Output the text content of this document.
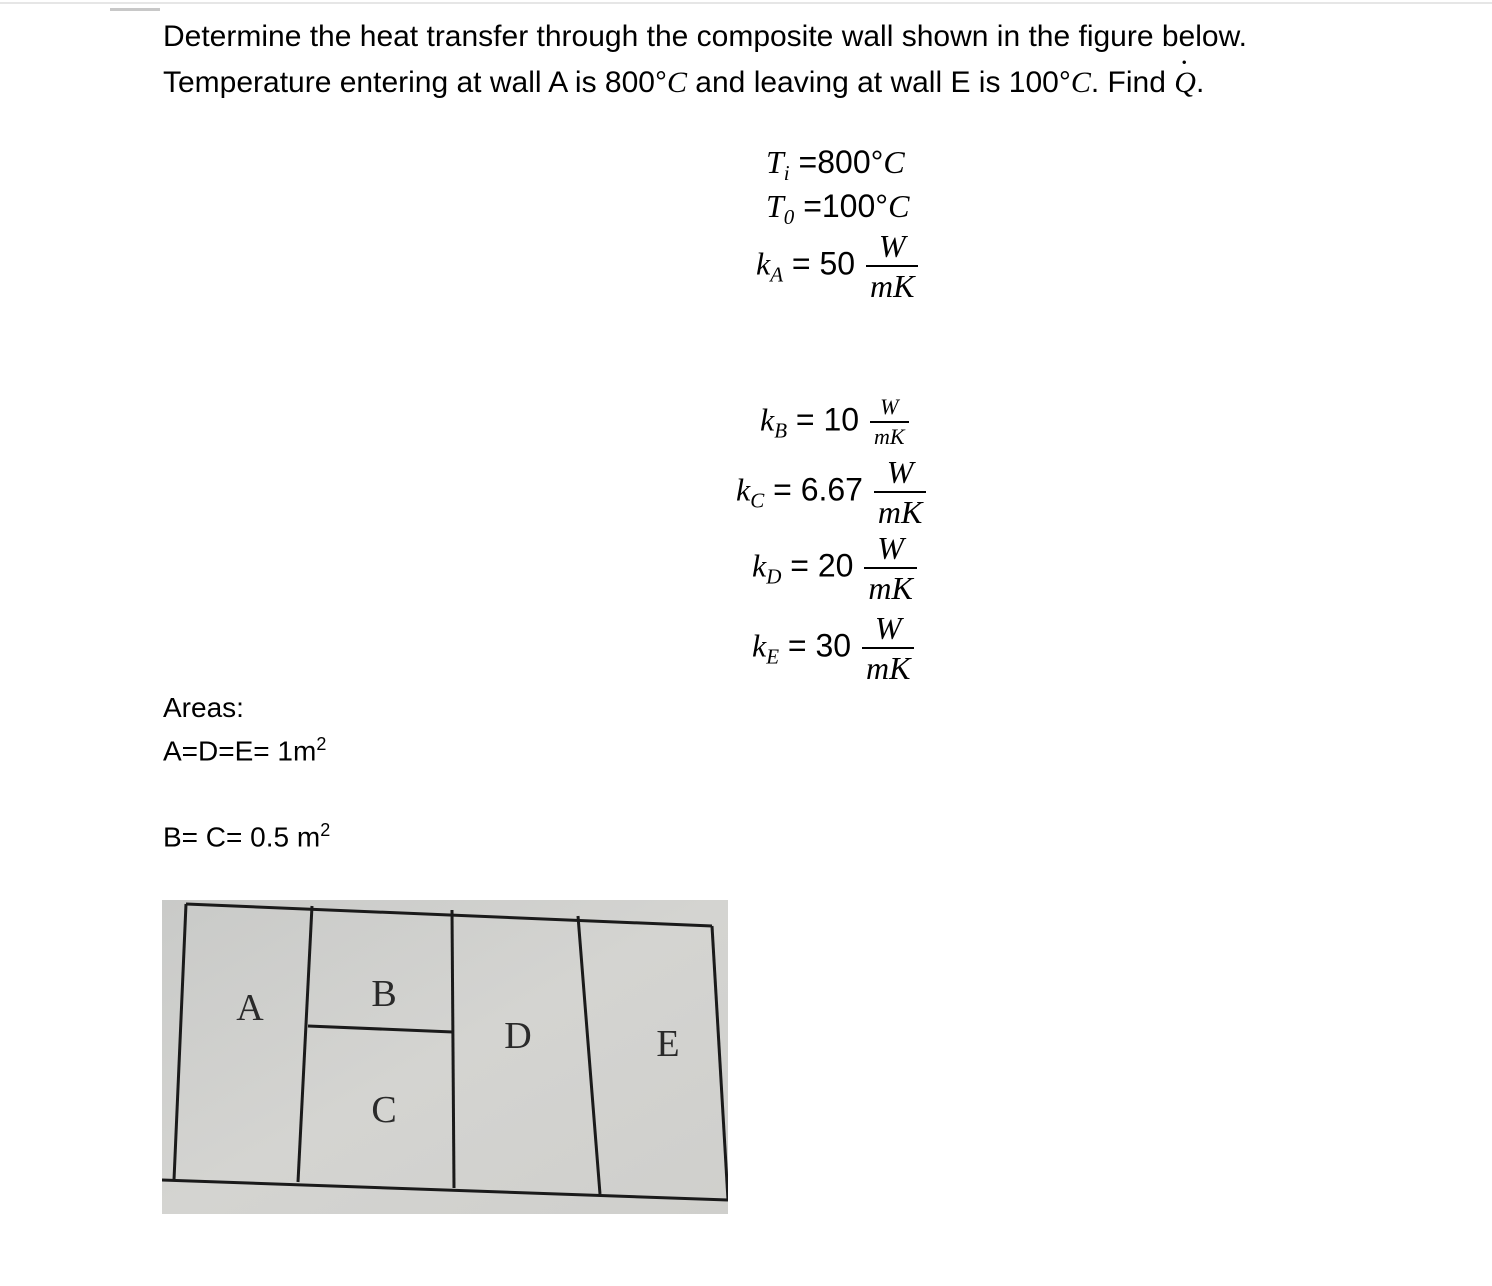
Determine the heat transfer through the composite wall shown in the figure below.

Temperature entering at wall A is 800°C and leaving at wall E is 100°C. Find · Q.

$T_i =800^\circ C$
$T_0 =100^\circ C$
$k_A = 50 \frac{W}{mK}$
$k_B = 10 \frac{W}{mK}$
$k_C = 6.67 \frac{W}{mK}$
$k_D = 20 \frac{W}{mK}$
$k_E = 30 \frac{W}{mK}$
Areas:
$A=D=E= 1m^2$
B= C= 0.5 $m^2$
A	B
C
D	E
